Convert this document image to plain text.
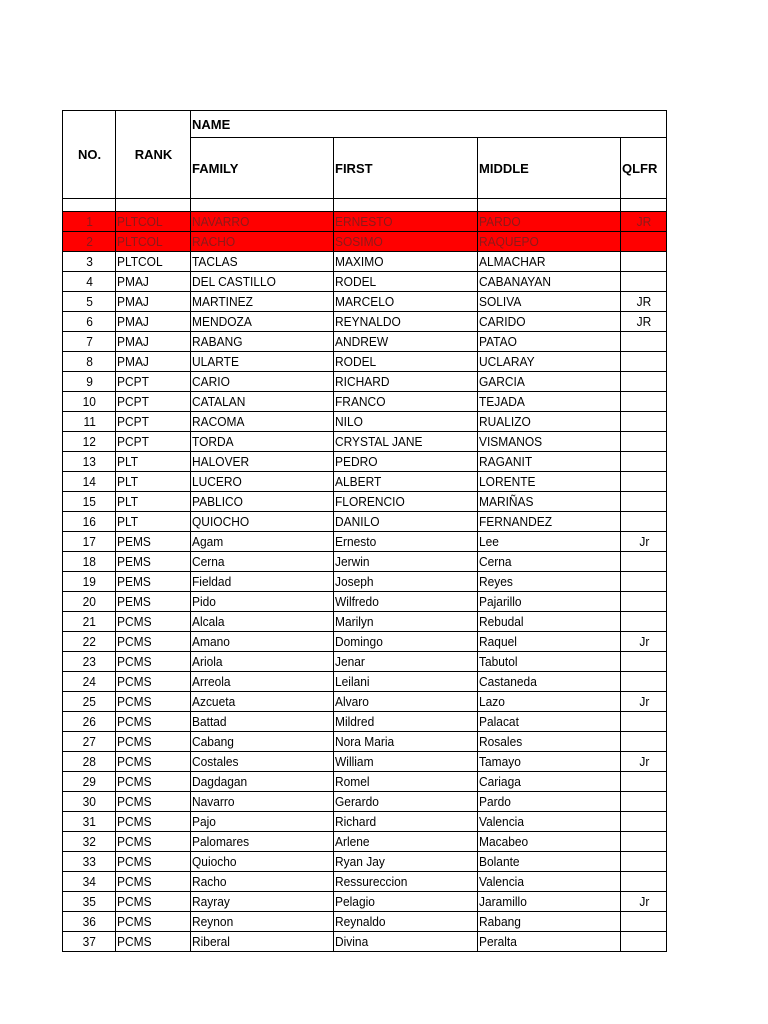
NO.	RANK	NAME			
		FAMILY	FIRST	MIDDLE	QLFR

1	PLTCOL	NAVARRO	ERNESTO	PARDO	JR
2	PLTCOL	RACHO	SOSIMO	RAQUEPO	
3	PLTCOL	TACLAS	MAXIMO	ALMACHAR	
4	PMAJ	DEL CASTILLO	RODEL	CABANAYAN	
5	PMAJ	MARTINEZ	MARCELO	SOLIVA	JR
6	PMAJ	MENDOZA	REYNALDO	CARIDO	JR
7	PMAJ	RABANG	ANDREW	PATAO	
8	PMAJ	ULARTE	RODEL	UCLARAY	
9	PCPT	CARIO	RICHARD	GARCIA	
10	PCPT	CATALAN	FRANCO	TEJADA	
11	PCPT	RACOMA	NILO	RUALIZO	
12	PCPT	TORDA	CRYSTAL JANE	VISMANOS	
13	PLT	HALOVER	PEDRO	RAGANIT	
14	PLT	LUCERO	ALBERT	LORENTE	
15	PLT	PABLICO	FLORENCIO	MARIÑAS	
16	PLT	QUIOCHO	DANILO	FERNANDEZ	
17	PEMS	Agam	Ernesto	Lee	Jr
18	PEMS	Cerna	Jerwin	Cerna	
19	PEMS	Fieldad	Joseph	Reyes	
20	PEMS	Pido	Wilfredo	Pajarillo	
21	PCMS	Alcala	Marilyn	Rebudal	
22	PCMS	Amano	Domingo	Raquel	Jr
23	PCMS	Ariola	Jenar	Tabutol	
24	PCMS	Arreola	Leilani	Castaneda	
25	PCMS	Azcueta	Alvaro	Lazo	Jr
26	PCMS	Battad	Mildred	Palacat	
27	PCMS	Cabang	Nora Maria	Rosales	
28	PCMS	Costales	William	Tamayo	Jr
29	PCMS	Dagdagan	Romel	Cariaga	
30	PCMS	Navarro	Gerardo	Pardo	
31	PCMS	Pajo	Richard	Valencia	
32	PCMS	Palomares	Arlene	Macabeo	
33	PCMS	Quiocho	Ryan Jay	Bolante	
34	PCMS	Racho	Ressureccion	Valencia	
35	PCMS	Rayray	Pelagio	Jaramillo	Jr
36	PCMS	Reynon	Reynaldo	Rabang	
37	PCMS	Riberal	Divina	Peralta	
